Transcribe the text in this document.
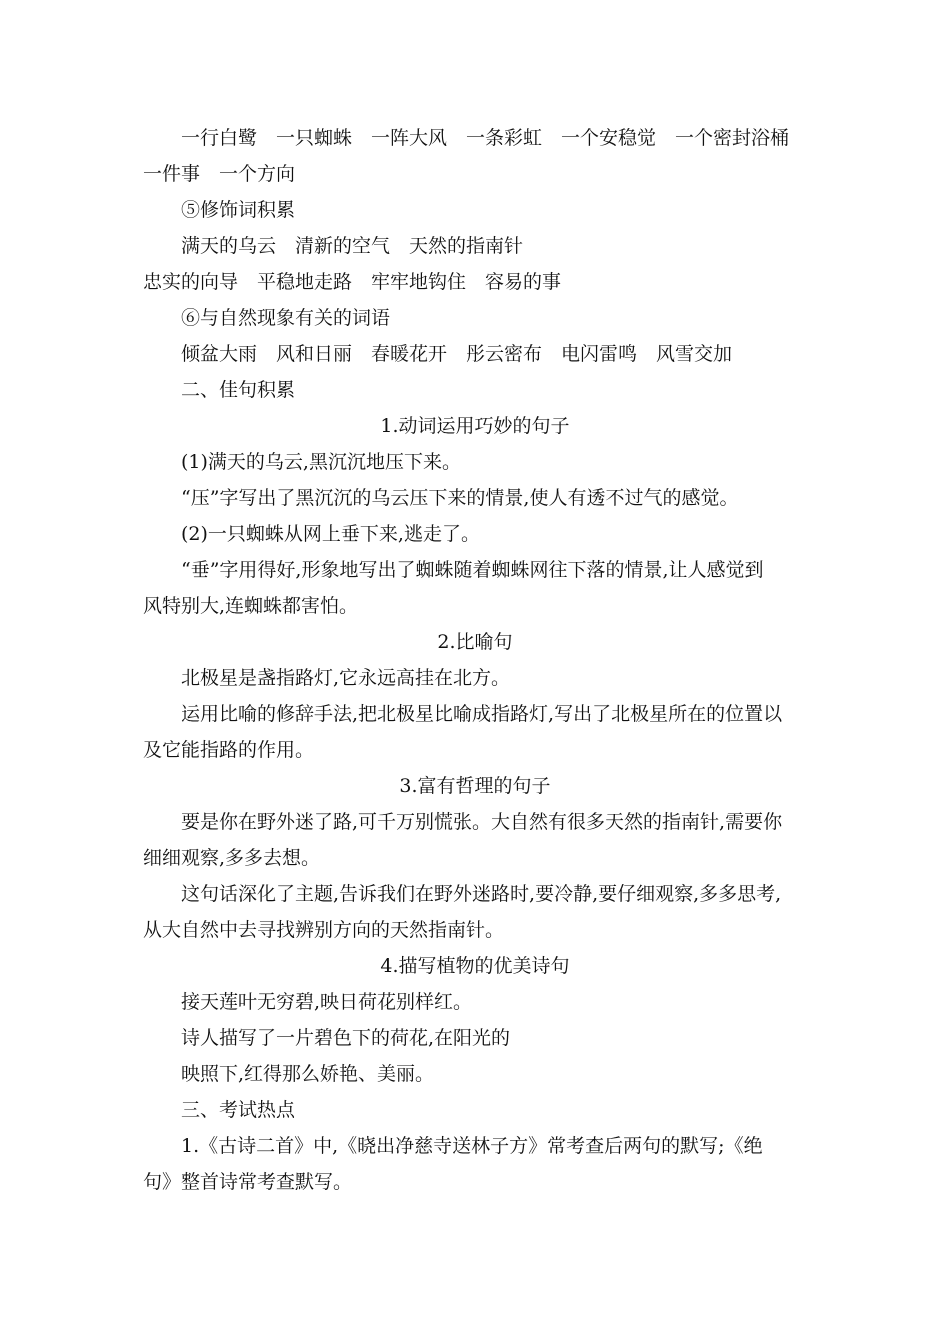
一行白鹭　一只蜘蛛　一阵大风　一条彩虹　一个安稳觉　一个密封浴桶
一件事　一个方向
⑤修饰词积累
满天的乌云　清新的空气　天然的指南针
忠实的向导　平稳地走路　牢牢地钩住　容易的事
⑥与自然现象有关的词语
倾盆大雨　风和日丽　春暖花开　彤云密布　电闪雷鸣　风雪交加
二、佳句积累
1.动词运用巧妙的句子
(1)满天的乌云,黑沉沉地压下来。
“压”字写出了黑沉沉的乌云压下来的情景,使人有透不过气的感觉。
(2)一只蜘蛛从网上垂下来,逃走了。
“垂”字用得好,形象地写出了蜘蛛随着蜘蛛网往下落的情景,让人感觉到
风特别大,连蜘蛛都害怕。
2.比喻句
北极星是盏指路灯,它永远高挂在北方。
运用比喻的修辞手法,把北极星比喻成指路灯,写出了北极星所在的位置以
及它能指路的作用。
3.富有哲理的句子
要是你在野外迷了路,可千万别慌张。大自然有很多天然的指南针,需要你
细细观察,多多去想。
这句话深化了主题,告诉我们在野外迷路时,要冷静,要仔细观察,多多思考,
从大自然中去寻找辨别方向的天然指南针。
4.描写植物的优美诗句
接天莲叶无穷碧,映日荷花别样红。
诗人描写了一片碧色下的荷花,在阳光的
映照下,红得那么娇艳、美丽。
三、考试热点
1.《古诗二首》中,《晓出净慈寺送林子方》常考查后两句的默写;《绝
句》整首诗常考查默写。
